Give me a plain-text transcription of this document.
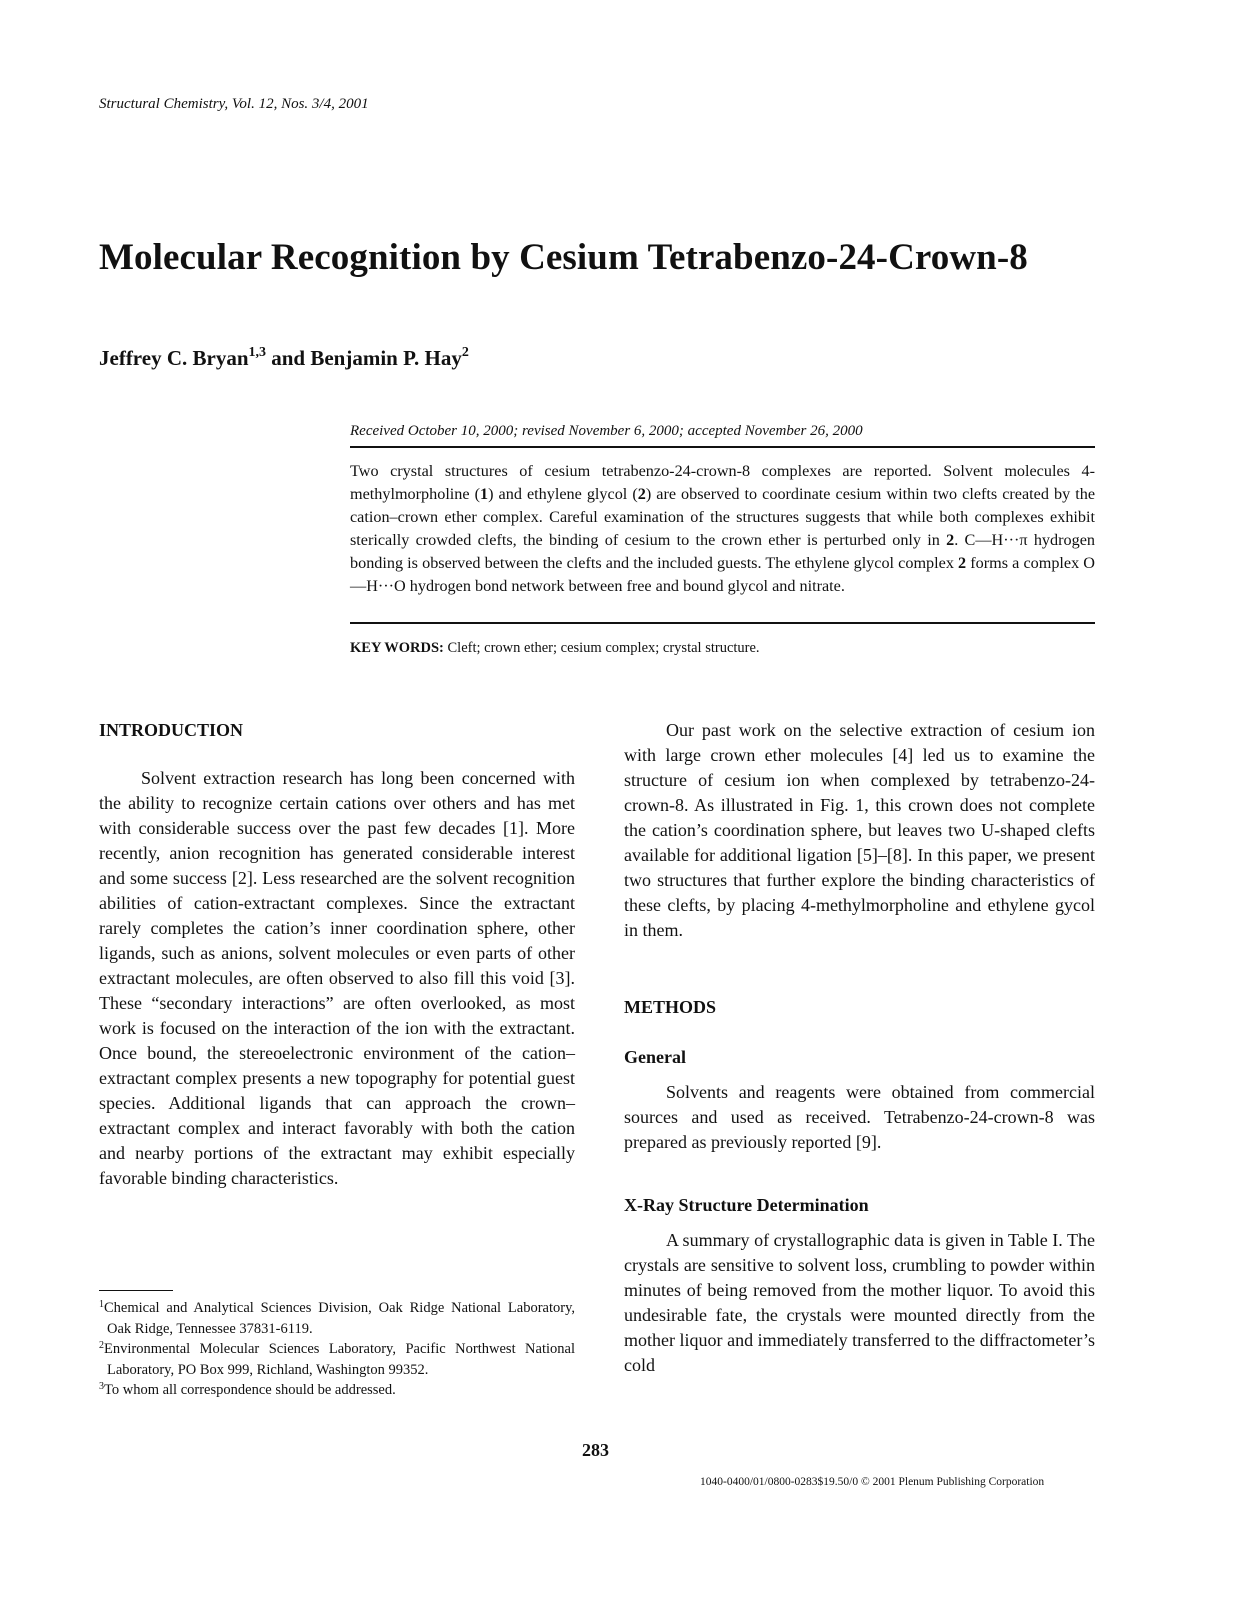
Structural Chemistry, Vol. 12, Nos. 3/4, 2001
Molecular Recognition by Cesium Tetrabenzo-24-Crown-8
Jeffrey C. Bryan$^{1,3}$ and Benjamin P. Hay$^2$
Received October 10, 2000; revised November 6, 2000; accepted November 26, 2000
Two crystal structures of cesium tetrabenzo-24-crown-8 complexes are reported. Solvent molecules 4-methylmorpholine (1) and ethylene glycol (2) are observed to coordinate cesium within two clefts created by the cation–crown ether complex. Careful examination of the structures suggests that while both complexes exhibit sterically crowded clefts, the binding of cesium to the crown ether is perturbed only in 2. C—H···π hydrogen bonding is observed between the clefts and the included guests. The ethylene glycol complex 2 forms a complex O—H···O hydrogen bond network between free and bound glycol and nitrate.
KEY WORDS: Cleft; crown ether; cesium complex; crystal structure.
INTRODUCTION

Solvent extraction research has long been concerned with the ability to recognize certain cations over others and has met with considerable success over the past few decades [1]. More recently, anion recognition has generated considerable interest and some success [2]. Less researched are the solvent recognition abilities of cation-extractant complexes. Since the extractant rarely completes the cation’s inner coordination sphere, other ligands, such as anions, solvent molecules or even parts of other extractant molecules, are often observed to also fill this void [3]. These “secondary interactions” are often overlooked, as most work is focused on the interaction of the ion with the extractant. Once bound, the stereoelectronic environment of the cation–extractant complex presents a new topography for potential guest species. Additional ligands that can approach the crown–extractant complex and interact favorably with both the cation and nearby portions of the extractant may exhibit especially favorable binding characteristics.

Our past work on the selective extraction of cesium ion with large crown ether molecules [4] led us to examine the structure of cesium ion when complexed by tetrabenzo-24-crown-8. As illustrated in Fig. 1, this crown does not complete the cation’s coordination sphere, but leaves two U-shaped clefts available for additional ligation [5]–[8]. In this paper, we present two structures that further explore the binding characteristics of these clefts, by placing 4-methylmorpholine and ethylene gycol in them.

METHODS
General

Solvents and reagents were obtained from commercial sources and used as received. Tetrabenzo-24-crown-8 was prepared as previously reported [9].

X-Ray Structure Determination

A summary of crystallographic data is given in Table I. The crystals are sensitive to solvent loss, crumbling to powder within minutes of being removed from the mother liquor. To avoid this undesirable fate, the crystals were mounted directly from the mother liquor and immediately transferred to the diffractometer’s cold

$^1$Chemical and Analytical Sciences Division, Oak Ridge National Laboratory, Oak Ridge, Tennessee 37831-6119.

$^2$Environmental Molecular Sciences Laboratory, Pacific Northwest National Laboratory, PO Box 999, Richland, Washington 99352.

$^3$To whom all correspondence should be addressed.

283
1040-0400/01/0800-0283$19.50/0 © 2001 Plenum Publishing Corporation
